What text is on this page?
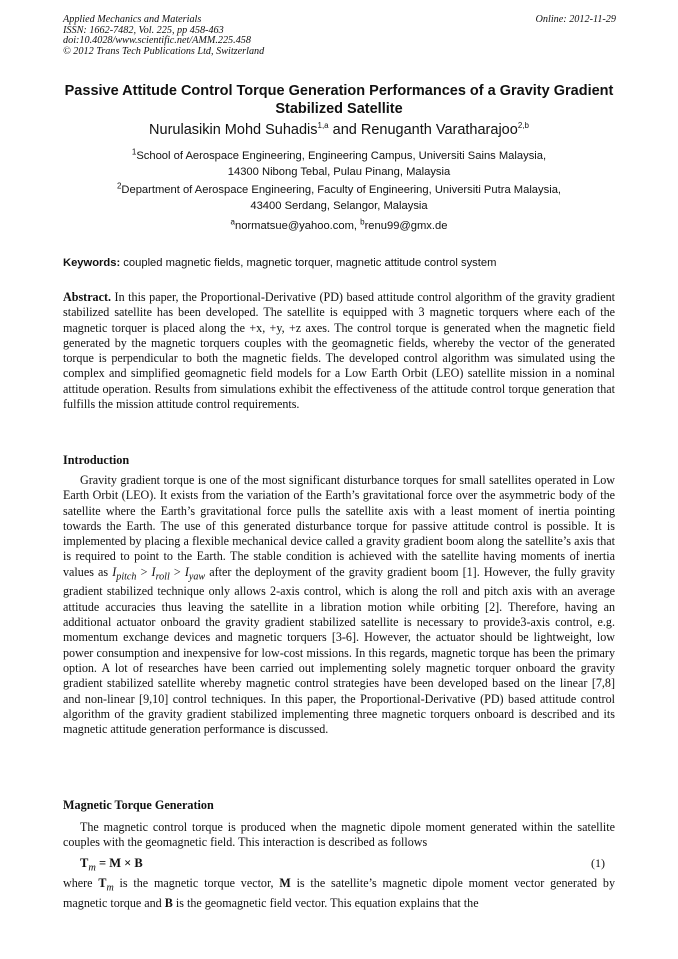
Applied Mechanics and Materials
ISSN: 1662-7482, Vol. 225, pp 458-463
doi:10.4028/www.scientific.net/AMM.225.458
© 2012 Trans Tech Publications Ltd, Switzerland
Online: 2012-11-29
Passive Attitude Control Torque Generation Performances of a Gravity Gradient Stabilized Satellite
Nurulasikin Mohd Suhadis$^{1,a}$ and Renuganth Varatharajoo$^{2,b}$
$^1$School of Aerospace Engineering, Engineering Campus, Universiti Sains Malaysia,
14300 Nibong Tebal, Pulau Pinang, Malaysia
$^2$Department of Aerospace Engineering, Faculty of Engineering, Universiti Putra Malaysia,
43400 Serdang, Selangor, Malaysia
$^a$normatsue@yahoo.com, $^b$renu99@gmx.de
Keywords: coupled magnetic fields, magnetic torquer, magnetic attitude control system
Abstract. In this paper, the Proportional-Derivative (PD) based attitude control algorithm of the gravity gradient stabilized satellite has been developed. The satellite is equipped with 3 magnetic torquers where each of the magnetic torquer is placed along the +x, +y, +z axes. The control torque is generated when the magnetic field generated by the magnetic torquers couples with the geomagnetic fields, whereby the vector of the generated torque is perpendicular to both the magnetic fields. The developed control algorithm was simulated using the complex and simplified geomagnetic field models for a Low Earth Orbit (LEO) satellite mission in a nominal attitude operation. Results from simulations exhibit the effectiveness of the attitude control torque generation that fulfills the mission attitude control requirements.
Introduction
Gravity gradient torque is one of the most significant disturbance torques for small satellites operated in Low Earth Orbit (LEO). It exists from the variation of the Earth’s gravitational force over the asymmetric body of the satellite where the Earth’s gravitational force pulls the satellite axis with a least moment of inertia pointing towards the Earth. The use of this generated disturbance torque for passive attitude control is possible. It is implemented by placing a flexible mechanical device called a gravity gradient boom along the satellite’s axis that is required to point to the Earth. The stable condition is achieved with the satellite having moments of inertia values as $I_{pitch} > I_{roll} > I_{yaw}$ after the deployment of the gravity gradient boom [1]. However, the fully gravity gradient stabilized technique only allows 2-axis control, which is along the roll and pitch axis with an average attitude accuracies thus leaving the satellite in a libration motion while orbiting [2]. Therefore, having an additional actuator onboard the gravity gradient stabilized satellite is necessary to provide3-axis control, e.g. momentum exchange devices and magnetic torquers [3-6]. However, the actuator should be lightweight, low power consumption and inexpensive for low-cost missions. In this regards, magnetic torque has been the primary option. A lot of researches have been carried out implementing solely magnetic torquer onboard the gravity gradient stabilized satellite whereby magnetic control strategies have been developed based on the linear [7,8] and non-linear [9,10] control techniques. In this paper, the Proportional-Derivative (PD) based attitude control algorithm of the gravity gradient stabilized implementing three magnetic torquers onboard is described and its magnetic attitude generation performance is discussed.
Magnetic Torque Generation
The magnetic control torque is produced when the magnetic dipole moment generated within the satellite couples with the geomagnetic field. This interaction is described as follows
$T_m = M \times B$	(1)
where $T_m$ is the magnetic torque vector, M is the satellite’s magnetic dipole moment vector generated by magnetic torque and B is the geomagnetic field vector. This equation explains that the
